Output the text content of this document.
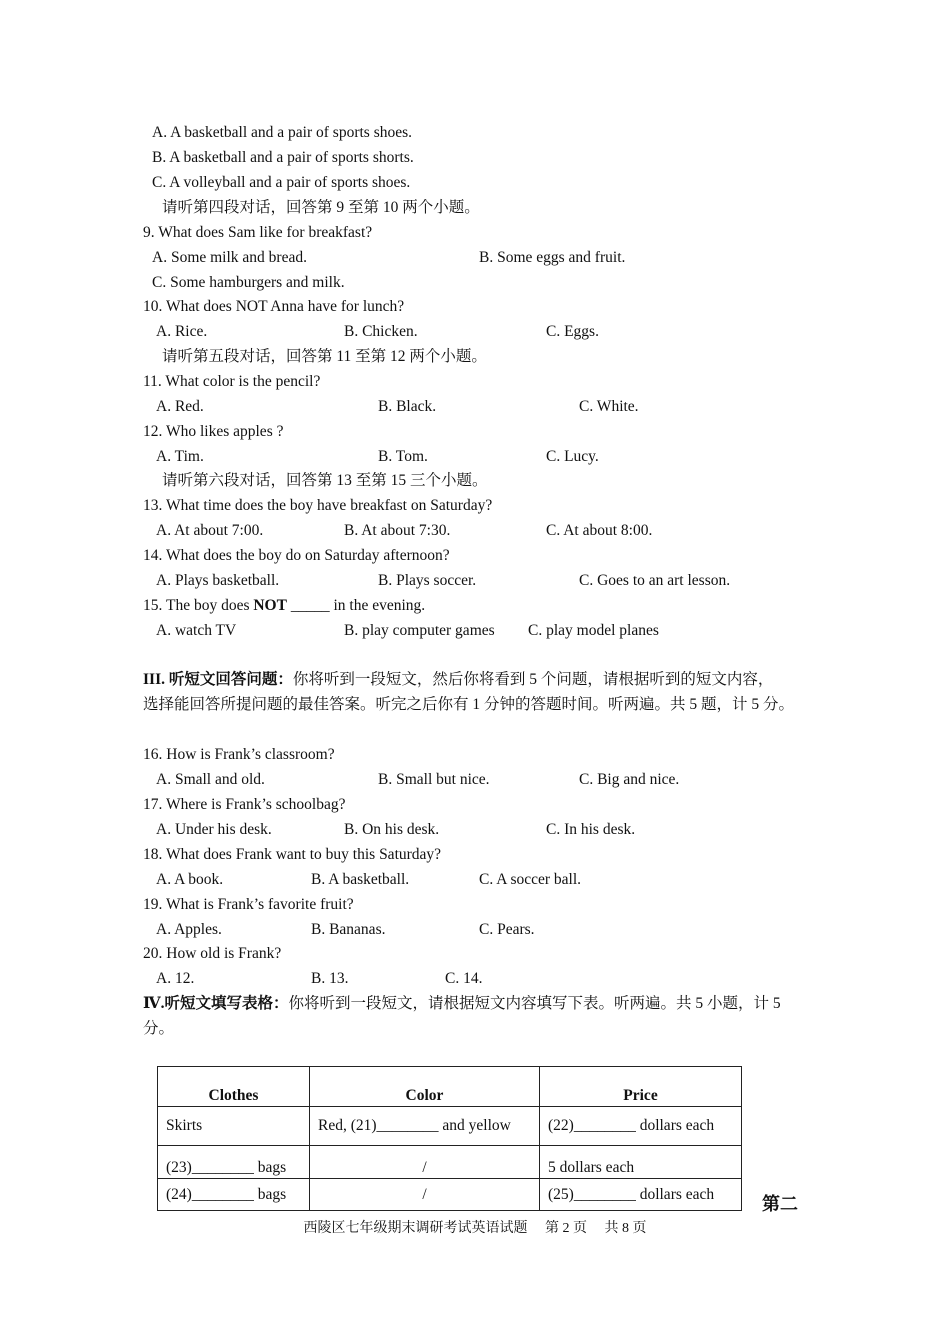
A. A basketball and a pair of sports shoes.
B. A basketball and a pair of sports shorts.
C. A volleyball and a pair of sports shoes.
请听第四段对话，回答第 9 至第 10 两个小题。
9. What does Sam like for breakfast?
A. Some milk and bread.	B. Some eggs and fruit.
C. Some hamburgers and milk.
10. What does NOT Anna have for lunch?
A. Rice.	B. Chicken.	C. Eggs.
请听第五段对话，回答第 11 至第 12 两个小题。
11. What color is the pencil?
A. Red.	B. Black.	C. White.
12. Who likes apples ?
A. Tim.	B. Tom.	C. Lucy.
请听第六段对话，回答第 13 至第 15 三个小题。
13. What time does the boy have breakfast on Saturday?
A. At about 7:00.	B. At about 7:30.	C. At about 8:00.
14. What does the boy do on Saturday afternoon?
A. Plays basketball.	B. Plays soccer.	C. Goes to an art lesson.
15. The boy does NOT _____ in the evening.
A. watch TV	B. play computer games C. play model planes
III. 听短文回答问题：你将听到一段短文，然后你将看到 5 个问题，请根据听到的短文内容，
选择能回答所提问题的最佳答案。听完之后你有 1 分钟的答题时间。听两遍。共 5 题，计 5 分。
16. How is Frank’s classroom?
A. Small and old.	B. Small but nice.	C. Big and nice.
17. Where is Frank’s schoolbag?
A. Under his desk.	B. On his desk.	C. In his desk.
18. What does Frank want to buy this Saturday?
A. A book.	B. A basketball.	C. A soccer ball.
19. What is Frank’s favorite fruit?
A. Apples.	B. Bananas.	C. Pears.
20. How old is Frank?
A. 12.	B. 13.	C. 14.
Ⅳ.听短文填写表格：你将听到一段短文，请根据短文内容填写下表。听两遍。共 5 小题，计 5
分。
Clothes	Color	Price
Skirts	Red, (21)________ and yellow	(22)________ dollars each
(23)________ bags	/	5 dollars each
(24)________ bags	/	(25)________ dollars each	第二
西陵区七年级期末调研考试英语试题　 第 2 页　 共 8 页
